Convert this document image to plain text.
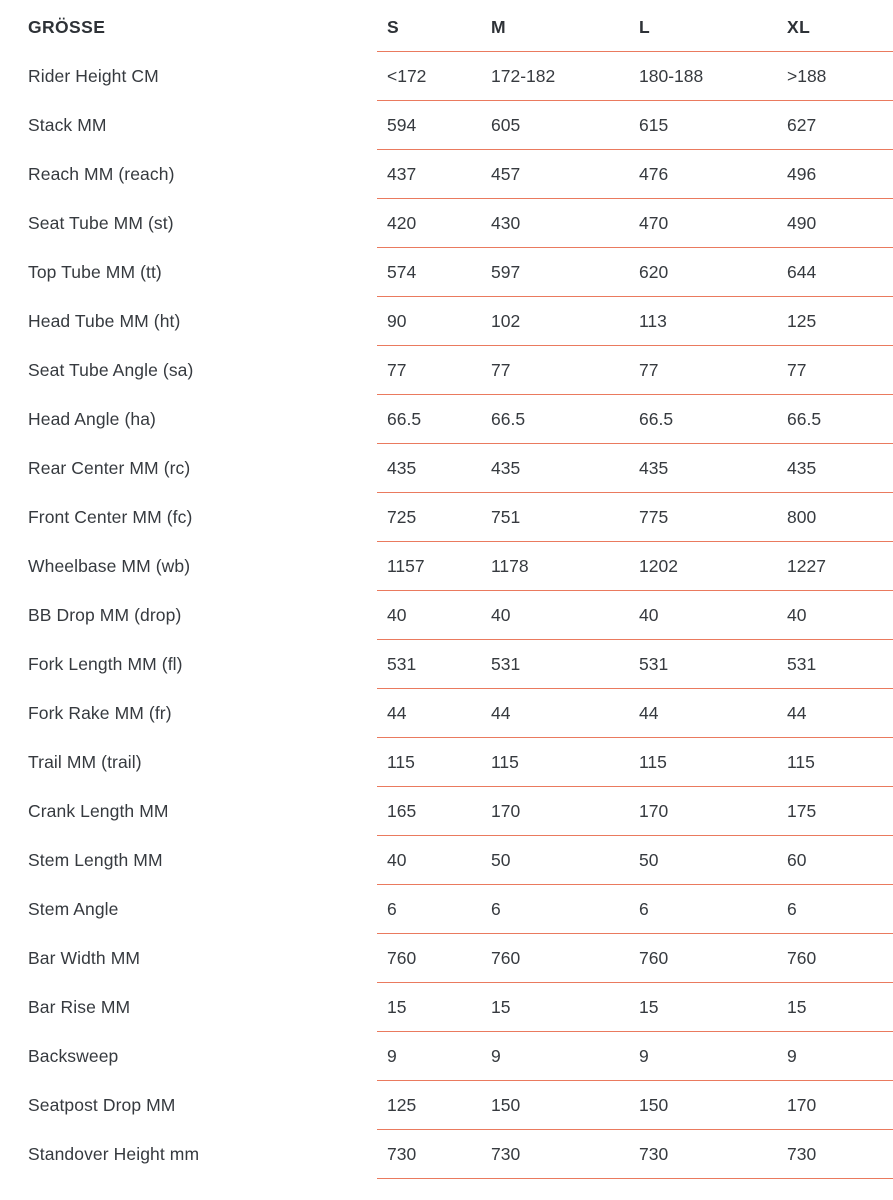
GRÖSSE	S	M	L	XL
Rider Height CM	<172	172-182	180-188	>188
Stack MM	594	605	615	627
Reach MM (reach)	437	457	476	496
Seat Tube MM (st)	420	430	470	490
Top Tube MM (tt)	574	597	620	644
Head Tube MM (ht)	90	102	113	125
Seat Tube Angle (sa)	77	77	77	77
Head Angle (ha)	66.5	66.5	66.5	66.5
Rear Center MM (rc)	435	435	435	435
Front Center MM (fc)	725	751	775	800
Wheelbase MM (wb)	1157	1178	1202	1227
BB Drop MM (drop)	40	40	40	40
Fork Length MM (fl)	531	531	531	531
Fork Rake MM (fr)	44	44	44	44
Trail MM (trail)	115	115	115	115
Crank Length MM	165	170	170	175
Stem Length MM	40	50	50	60
Stem Angle	6	6	6	6
Bar Width MM	760	760	760	760
Bar Rise MM	15	15	15	15
Backsweep	9	9	9	9
Seatpost Drop MM	125	150	150	170
Standover Height mm	730	730	730	730
